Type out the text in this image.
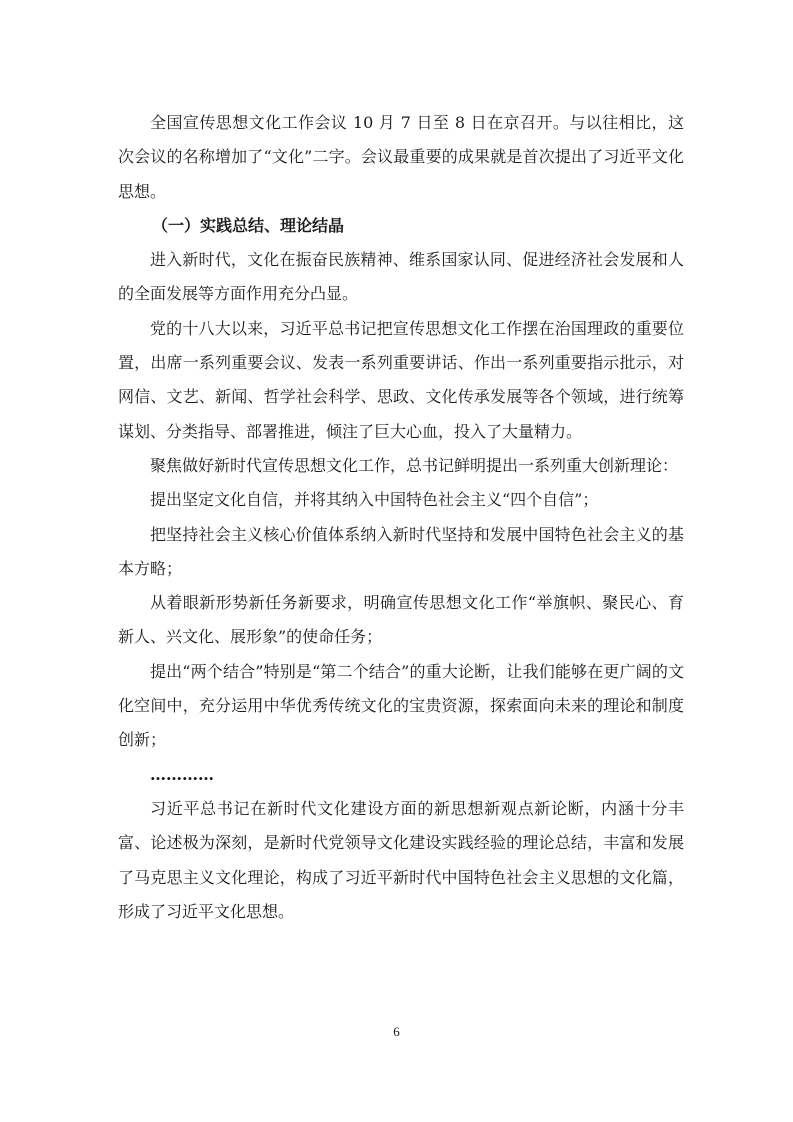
全国宣传思想文化工作会议 10 月 7 日至 8 日在京召开。与以往相比，这次会议的名称增加了“文化”二字。会议最重要的成果就是首次提出了习近平文化思想。

（一）实践总结、理论结晶

进入新时代，文化在振奋民族精神、维系国家认同、促进经济社会发展和人的全面发展等方面作用充分凸显。

党的十八大以来，习近平总书记把宣传思想文化工作摆在治国理政的重要位置，出席一系列重要会议、发表一系列重要讲话、作出一系列重要指示批示，对网信、文艺、新闻、哲学社会科学、思政、文化传承发展等各个领域，进行统筹谋划、分类指导、部署推进，倾注了巨大心血，投入了大量精力。

聚焦做好新时代宣传思想文化工作，总书记鲜明提出一系列重大创新理论：

提出坚定文化自信，并将其纳入中国特色社会主义“四个自信”；

把坚持社会主义核心价值体系纳入新时代坚持和发展中国特色社会主义的基本方略；

从着眼新形势新任务新要求，明确宣传思想文化工作“举旗帜、聚民心、育新人、兴文化、展形象”的使命任务；

提出“两个结合”特别是“第二个结合”的重大论断，让我们能够在更广阔的文化空间中，充分运用中华优秀传统文化的宝贵资源，探索面向未来的理论和制度创新；

…………

习近平总书记在新时代文化建设方面的新思想新观点新论断，内涵十分丰富、论述极为深刻，是新时代党领导文化建设实践经验的理论总结，丰富和发展了马克思主义文化理论，构成了习近平新时代中国特色社会主义思想的文化篇，形成了习近平文化思想。

6
